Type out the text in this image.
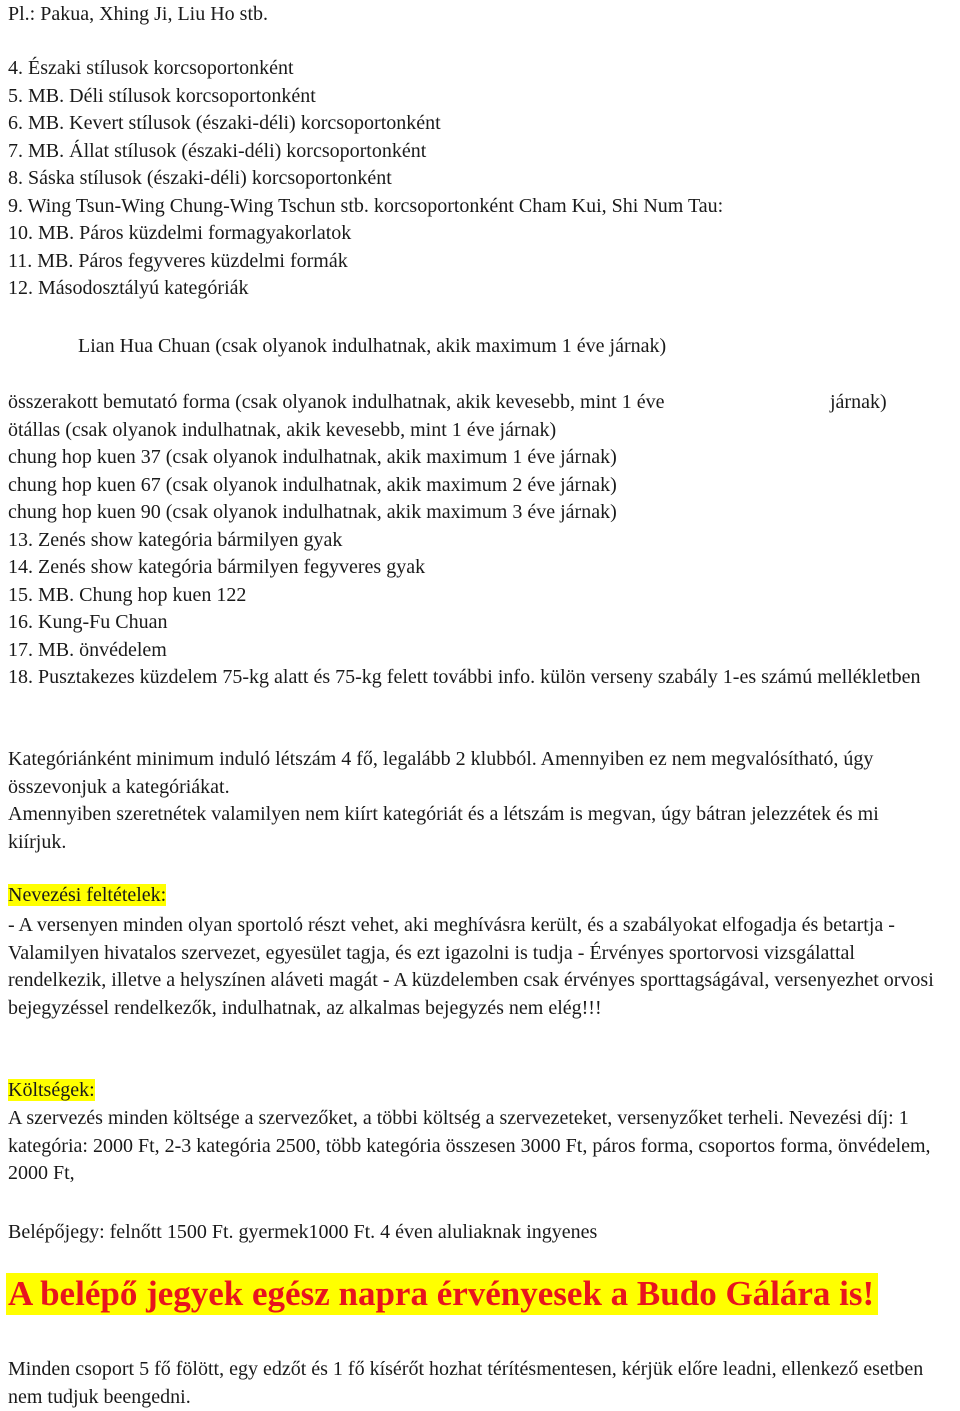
Pl.: Pakua, Xhing Ji, Liu Ho stb.
4. Északi stílusok korcsoportonként
5. MB. Déli stílusok korcsoportonként
6. MB. Kevert stílusok (északi-déli) korcsoportonként
7. MB. Állat stílusok (északi-déli) korcsoportonként
8. Sáska stílusok (északi-déli) korcsoportonként
9. Wing Tsun-Wing Chung-Wing Tschun stb. korcsoportonként Cham Kui, Shi Num Tau:
10. MB. Páros küzdelmi formagyakorlatok
11. MB. Páros fegyveres küzdelmi formák
12. Másodosztályú kategóriák
Lian Hua Chuan (csak olyanok indulhatnak, akik maximum 1 éve járnak)
összerakott bemutató forma (csak olyanok indulhatnak, akik kevesebb, mint 1 éve	járnak)
ötállas (csak olyanok indulhatnak, akik kevesebb, mint 1 éve járnak)
chung hop kuen 37 (csak olyanok indulhatnak, akik maximum 1 éve járnak)
chung hop kuen 67 (csak olyanok indulhatnak, akik maximum 2 éve járnak)
chung hop kuen 90 (csak olyanok indulhatnak, akik maximum 3 éve járnak)
13. Zenés show kategória bármilyen gyak
14. Zenés show kategória bármilyen fegyveres gyak
15. MB. Chung hop kuen 122
16. Kung-Fu Chuan
17. MB. önvédelem
18. Pusztakezes küzdelem 75-kg alatt és 75-kg felett további info. külön verseny szabály 1-es számú mellékletben
Kategóriánként minimum induló létszám 4 fő, legalább 2 klubból. Amennyiben ez nem megvalósítható, úgy összevonjuk a kategóriákat.
Amennyiben szeretnétek valamilyen nem kiírt kategóriát és a létszám is megvan, úgy bátran jelezzétek és mi kiírjuk.
Nevezési feltételek:
- A versenyen minden olyan sportoló részt vehet, aki meghívásra került, és a szabályokat elfogadja és betartja - Valamilyen hivatalos szervezet, egyesület tagja, és ezt igazolni is tudja - Érvényes sportorvosi vizsgálattal rendelkezik, illetve a helyszínen aláveti magát - A küzdelemben csak érvényes sporttagságával, versenyezhet orvosi bejegyzéssel rendelkezők, indulhatnak, az alkalmas bejegyzés nem elég!!!
Költségek:
A szervezés minden költsége a szervezőket, a többi költség a szervezeteket, versenyzőket terheli. Nevezési díj: 1 kategória: 2000 Ft, 2-3 kategória 2500, több kategória összesen 3000 Ft, páros forma, csoportos forma, önvédelem, 2000 Ft,
Belépőjegy: felnőtt 1500 Ft. gyermek1000 Ft. 4 éven aluliaknak ingyenes
A belépő jegyek egész napra érvényesek a Budo Gálára is!
Minden csoport 5 fő fölött, egy edzőt és 1 fő kísérőt hozhat térítésmentesen, kérjük előre leadni, ellenkező esetben nem tudjuk beengedni.
